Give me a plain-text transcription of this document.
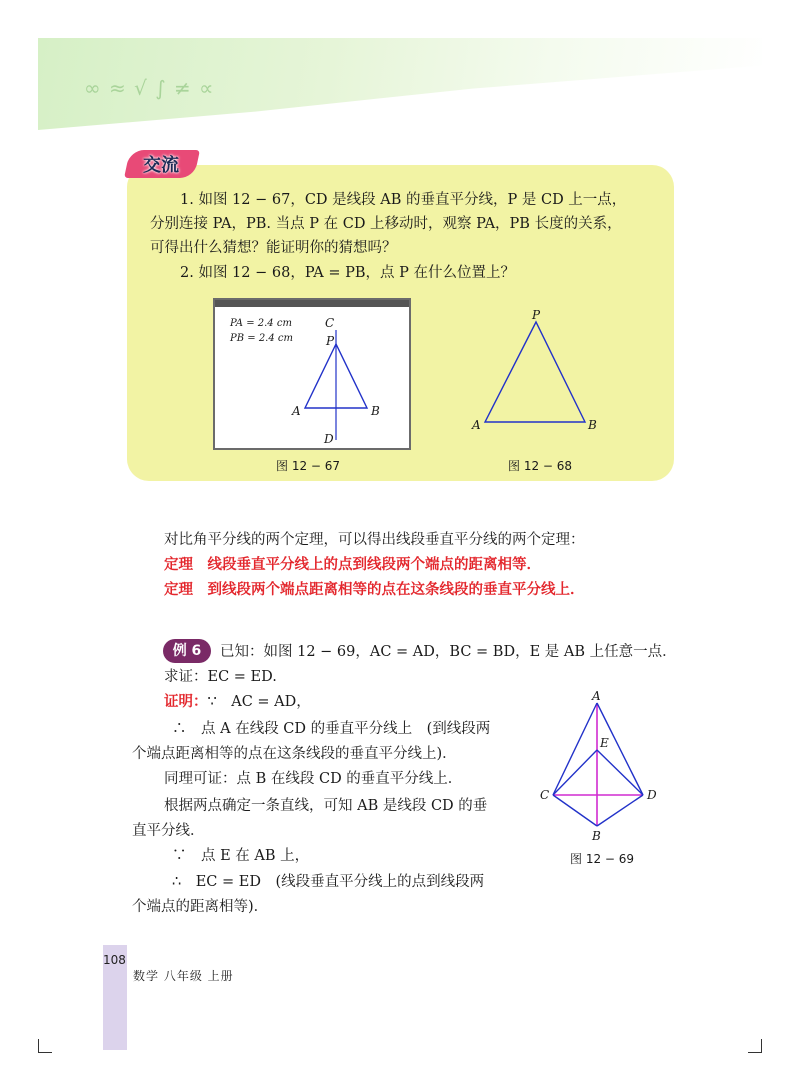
∞ ≈ √ ∫ ≠ ∝
交流
1. 如图 12 − 67，CD 是线段 AB 的垂直平分线，P 是 CD 上一点，
分别连接 PA，PB. 当点 P 在 CD 上移动时，观察 PA，PB 长度的关系，
可得出什么猜想？能证明你的猜想吗？
2. 如图 12 − 68，PA = PB，点 P 在什么位置上？
PA = 2.4 cm
PB = 2.4 cm
C
P
A	B
D
P
A	B
图 12 − 67	图 12 − 68
对比角平分线的两个定理，可以得出线段垂直平分线的两个定理：
定理　线段垂直平分线上的点到线段两个端点的距离相等．
定理　到线段两个端点距离相等的点在这条线段的垂直平分线上．
例 6	已知：如图 12 − 69，AC = AD，BC = BD，E 是 AB 上任意一点．
求证：EC = ED.
证明：∵　AC = AD，
∴　点 A 在线段 CD 的垂直平分线上　(到线段两
个端点距离相等的点在这条线段的垂直平分线上)．
同理可证：点 B 在线段 CD 的垂直平分线上．
根据两点确定一条直线，可知 AB 是线段 CD 的垂
直平分线．
∵　点 E 在 AB 上，
∴　EC = ED　(线段垂直平分线上的点到线段两
个端点的距离相等)．
A
E
C	D
B
图 12 − 69
108
数学 八年级 上册
